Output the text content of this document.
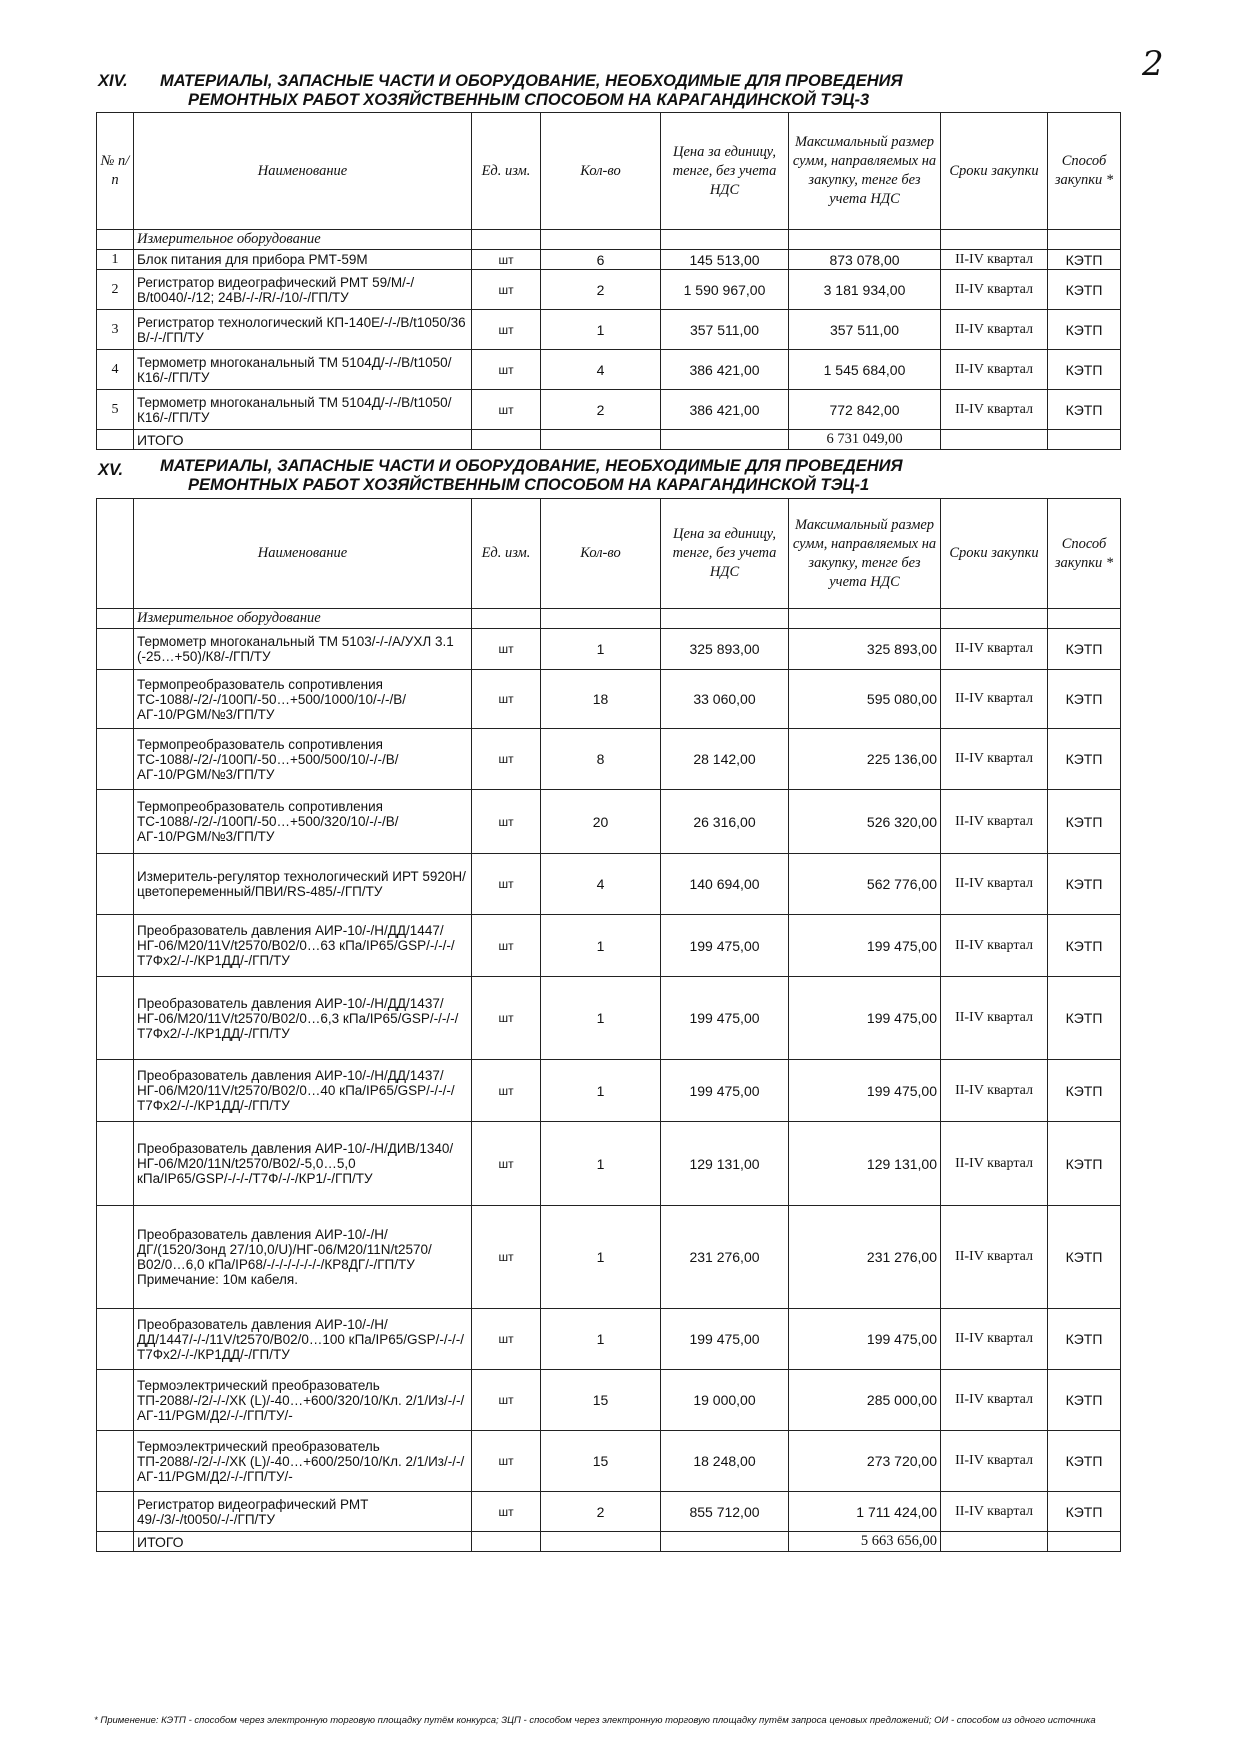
2
XIV. МАТЕРИАЛЫ, ЗАПАСНЫЕ ЧАСТИ И ОБОРУДОВАНИЕ, НЕОБХОДИМЫЕ ДЛЯ ПРОВЕДЕНИЯ
РЕМОНТНЫХ РАБОТ ХОЗЯЙСТВЕННЫМ СПОСОБОМ НА КАРАГАНДИНСКОЙ ТЭЦ-3
№ п/п	Наименование	Ед. изм.	Кол-во	Цена за единицу, тенге, без учета НДС	Максимальный размер сумм, направляемых на закупку, тенге без учета НДС	Сроки закупки	Способ закупки *
	Измерительное оборудование						
1	Блок питания для прибора РМТ-59М	шт	6	145 513,00	873 078,00	II-IV квартал	КЭТП
2	Регистратор видеографический РМТ 59/М/-/В/t0040/-/12; 24В/-/-/R/-/10/-/ГП/ТУ	шт	2	1 590 967,00	3 181 934,00	II-IV квартал	КЭТП
3	Регистратор технологический КП-140Е/-/-/В/t1050/36 В/-/-/ГП/ТУ	шт	1	357 511,00	357 511,00	II-IV квартал	КЭТП
4	Термометр многоканальный ТМ 5104Д/-/-/В/t1050/К16/-/ГП/ТУ	шт	4	386 421,00	1 545 684,00	II-IV квартал	КЭТП
5	Термометр многоканальный ТМ 5104Д/-/-/В/t1050/К16/-/ГП/ТУ	шт	2	386 421,00	772 842,00	II-IV квартал	КЭТП
	ИТОГО				6 731 049,00		
XV. МАТЕРИАЛЫ, ЗАПАСНЫЕ ЧАСТИ И ОБОРУДОВАНИЕ, НЕОБХОДИМЫЕ ДЛЯ ПРОВЕДЕНИЯ
РЕМОНТНЫХ РАБОТ ХОЗЯЙСТВЕННЫМ СПОСОБОМ НА КАРАГАНДИНСКОЙ ТЭЦ-1
	Наименование	Ед. изм.	Кол-во	Цена за единицу, тенге, без учета НДС	Максимальный размер сумм, направляемых на закупку, тенге без учета НДС	Сроки закупки	Способ закупки *
	Измерительное оборудование						
	Термометр многоканальный ТМ 5103/-/-/А/УХЛ 3.1 (-25…+50)/К8/-/ГП/ТУ	шт	1	325 893,00	325 893,00	II-IV квартал	КЭТП
	Термопреобразователь сопротивления ТС-1088/-/2/-/100П/-50…+500/1000/10/-/-/В/АГ-10/PGM/№3/ГП/ТУ	шт	18	33 060,00	595 080,00	II-IV квартал	КЭТП
	Термопреобразователь сопротивления ТС-1088/-/2/-/100П/-50…+500/500/10/-/-/В/АГ-10/PGM/№3/ГП/ТУ	шт	8	28 142,00	225 136,00	II-IV квартал	КЭТП
	Термопреобразователь сопротивления ТС-1088/-/2/-/100П/-50…+500/320/10/-/-/В/АГ-10/PGM/№3/ГП/ТУ	шт	20	26 316,00	526 320,00	II-IV квартал	КЭТП
	Измеритель-регулятор технологический ИРТ 5920Н/цветопеременный/ПВИ/RS-485/-/ГП/ТУ	шт	4	140 694,00	562 776,00	II-IV квартал	КЭТП
	Преобразователь давления АИР-10/-/Н/ДД/1447/НГ-06/М20/11V/t2570/В02/0…63 кПа/IP65/GSP/-/-/-/Т7Фх2/-/-/КР1ДД/-/ГП/ТУ	шт	1	199 475,00	199 475,00	II-IV квартал	КЭТП
	Преобразователь давления АИР-10/-/Н/ДД/1437/НГ-06/М20/11V/t2570/В02/0…6,3 кПа/IP65/GSP/-/-/-/Т7Фх2/-/-/КР1ДД/-/ГП/ТУ	шт	1	199 475,00	199 475,00	II-IV квартал	КЭТП
	Преобразователь давления АИР-10/-/Н/ДД/1437/НГ-06/М20/11V/t2570/В02/0…40 кПа/IP65/GSP/-/-/-/Т7Фх2/-/-/КР1ДД/-/ГП/ТУ	шт	1	199 475,00	199 475,00	II-IV квартал	КЭТП
	Преобразователь давления АИР-10/-/Н/ДИВ/1340/НГ-06/М20/11N/t2570/В02/-5,0…5,0 кПа/IP65/GSP/-/-/-/Т7Ф/-/-/КР1/-/ГП/ТУ	шт	1	129 131,00	129 131,00	II-IV квартал	КЭТП
	Преобразователь давления АИР-10/-/Н/ДГ/(1520/3онд 27/10,0/U)/НГ-06/М20/11N/t2570/В02/0…6,0 кПа/IP68/-/-/-/-/-/-/-/КР8ДГ/-/ГП/ТУ Примечание: 10м кабеля.	шт	1	231 276,00	231 276,00	II-IV квартал	КЭТП
	Преобразователь давления АИР-10/-/Н/ДД/1447/-/-/11V/t2570/В02/0…100 кПа/IP65/GSP/-/-/-/Т7Фх2/-/-/КР1ДД/-/ГП/ТУ	шт	1	199 475,00	199 475,00	II-IV квартал	КЭТП
	Термоэлектрический преобразователь ТП-2088/-/2/-/-/ХК (L)/-40…+600/320/10/Кл. 2/1/Из/-/-/АГ-11/PGM/Д2/-/-/ГП/ТУ/-	шт	15	19 000,00	285 000,00	II-IV квартал	КЭТП
	Термоэлектрический преобразователь ТП-2088/-/2/-/-/ХК (L)/-40…+600/250/10/Кл. 2/1/Из/-/-/АГ-11/PGM/Д2/-/-/ГП/ТУ/-	шт	15	18 248,00	273 720,00	II-IV квартал	КЭТП
	Регистратор видеографический РМТ 49/-/3/-/t0050/-/-/ГП/ТУ	шт	2	855 712,00	1 711 424,00	II-IV квартал	КЭТП
	ИТОГО				5 663 656,00		
* Применение: КЭТП - способом через электронную торговую площадку путём конкурса; ЗЦП - способом через электронную торговую площадку путём запроса ценовых предложений; ОИ - способом из одного источника
